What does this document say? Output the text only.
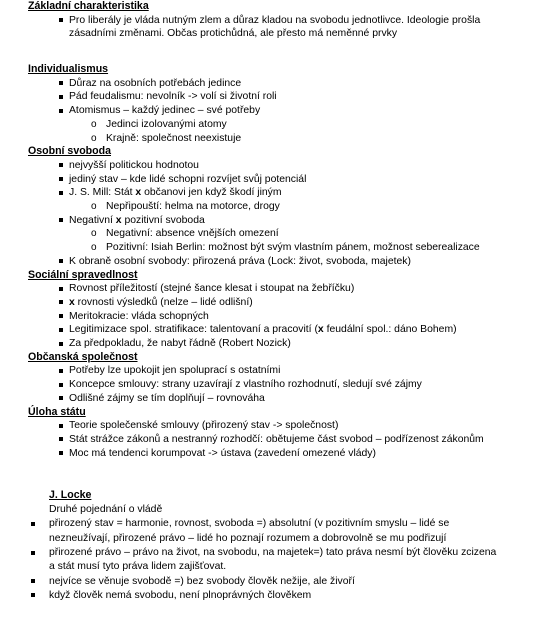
Základní charakteristika
Pro liberály je vláda nutným zlem a důraz kladou na svobodu jednotlivce. Ideologie prošla
zásadními změnami. Občas protichůdná, ale přesto má neměnné prvky
Individualismus
Důraz na osobních potřebách jedince
Pád feudalismu: nevolník -> volí si životní roli
Atomismus – každý jedinec – své potřeby
o Jedinci izolovanými atomy
o Krajně: společnost neexistuje
Osobní svoboda
nejvyšší politickou hodnotou
jediný stav – kde lidé schopni rozvíjet svůj potenciál
J. S. Mill: Stát x občanovi jen když škodí jiným
o Nepřipouští: helma na motorce, drogy
Negativní x pozitivní svoboda
o Negativní: absence vnějších omezení
o Pozitivní: Isiah Berlin: možnost být svým vlastním pánem, možnost seberealizace
K obraně osobní svobody: přirozená práva (Lock: život, svoboda, majetek)
Sociální spravedlnost
Rovnost příležitostí (stejné šance klesat i stoupat na žebříčku)
x rovnosti výsledků (nelze – lidé odlišní)
Meritokracie: vláda schopných
Legitimizace spol. stratifikace: talentovaní a pracovití (x feudální spol.: dáno Bohem)
Za předpokladu, že nabyt řádně (Robert Nozick)
Občanská společnost
Potřeby lze upokojit jen spoluprací s ostatními
Koncepce smlouvy: strany uzavírají z vlastního rozhodnutí, sledují své zájmy
Odlišné zájmy se tím doplňují – rovnováha
Úloha státu
Teorie společenské smlouvy (přirozený stav -> společnost)
Stát strážce zákonů a nestranný rozhodčí: obětujeme část svobod – podřízenost zákonům
Moc má tendenci korumpovat -> ústava (zavedení omezené vlády)
J. Locke
Druhé pojednání o vládě
přirozený stav = harmonie, rovnost, svoboda =) absolutní (v pozitivním smyslu – lidé se
nezneužívají, přirozené právo – lidé ho poznají rozumem a dobrovolně se mu podřizují
přirozené právo – právo na život, na svobodu, na majetek=) tato práva nesmí být člověku zcizena
a stát musí tyto práva lidem zajišťovat.
nejvíce se věnuje svobodě =) bez svobody člověk nežije, ale živoří
když člověk nemá svobodu, není plnoprávných člověkem
